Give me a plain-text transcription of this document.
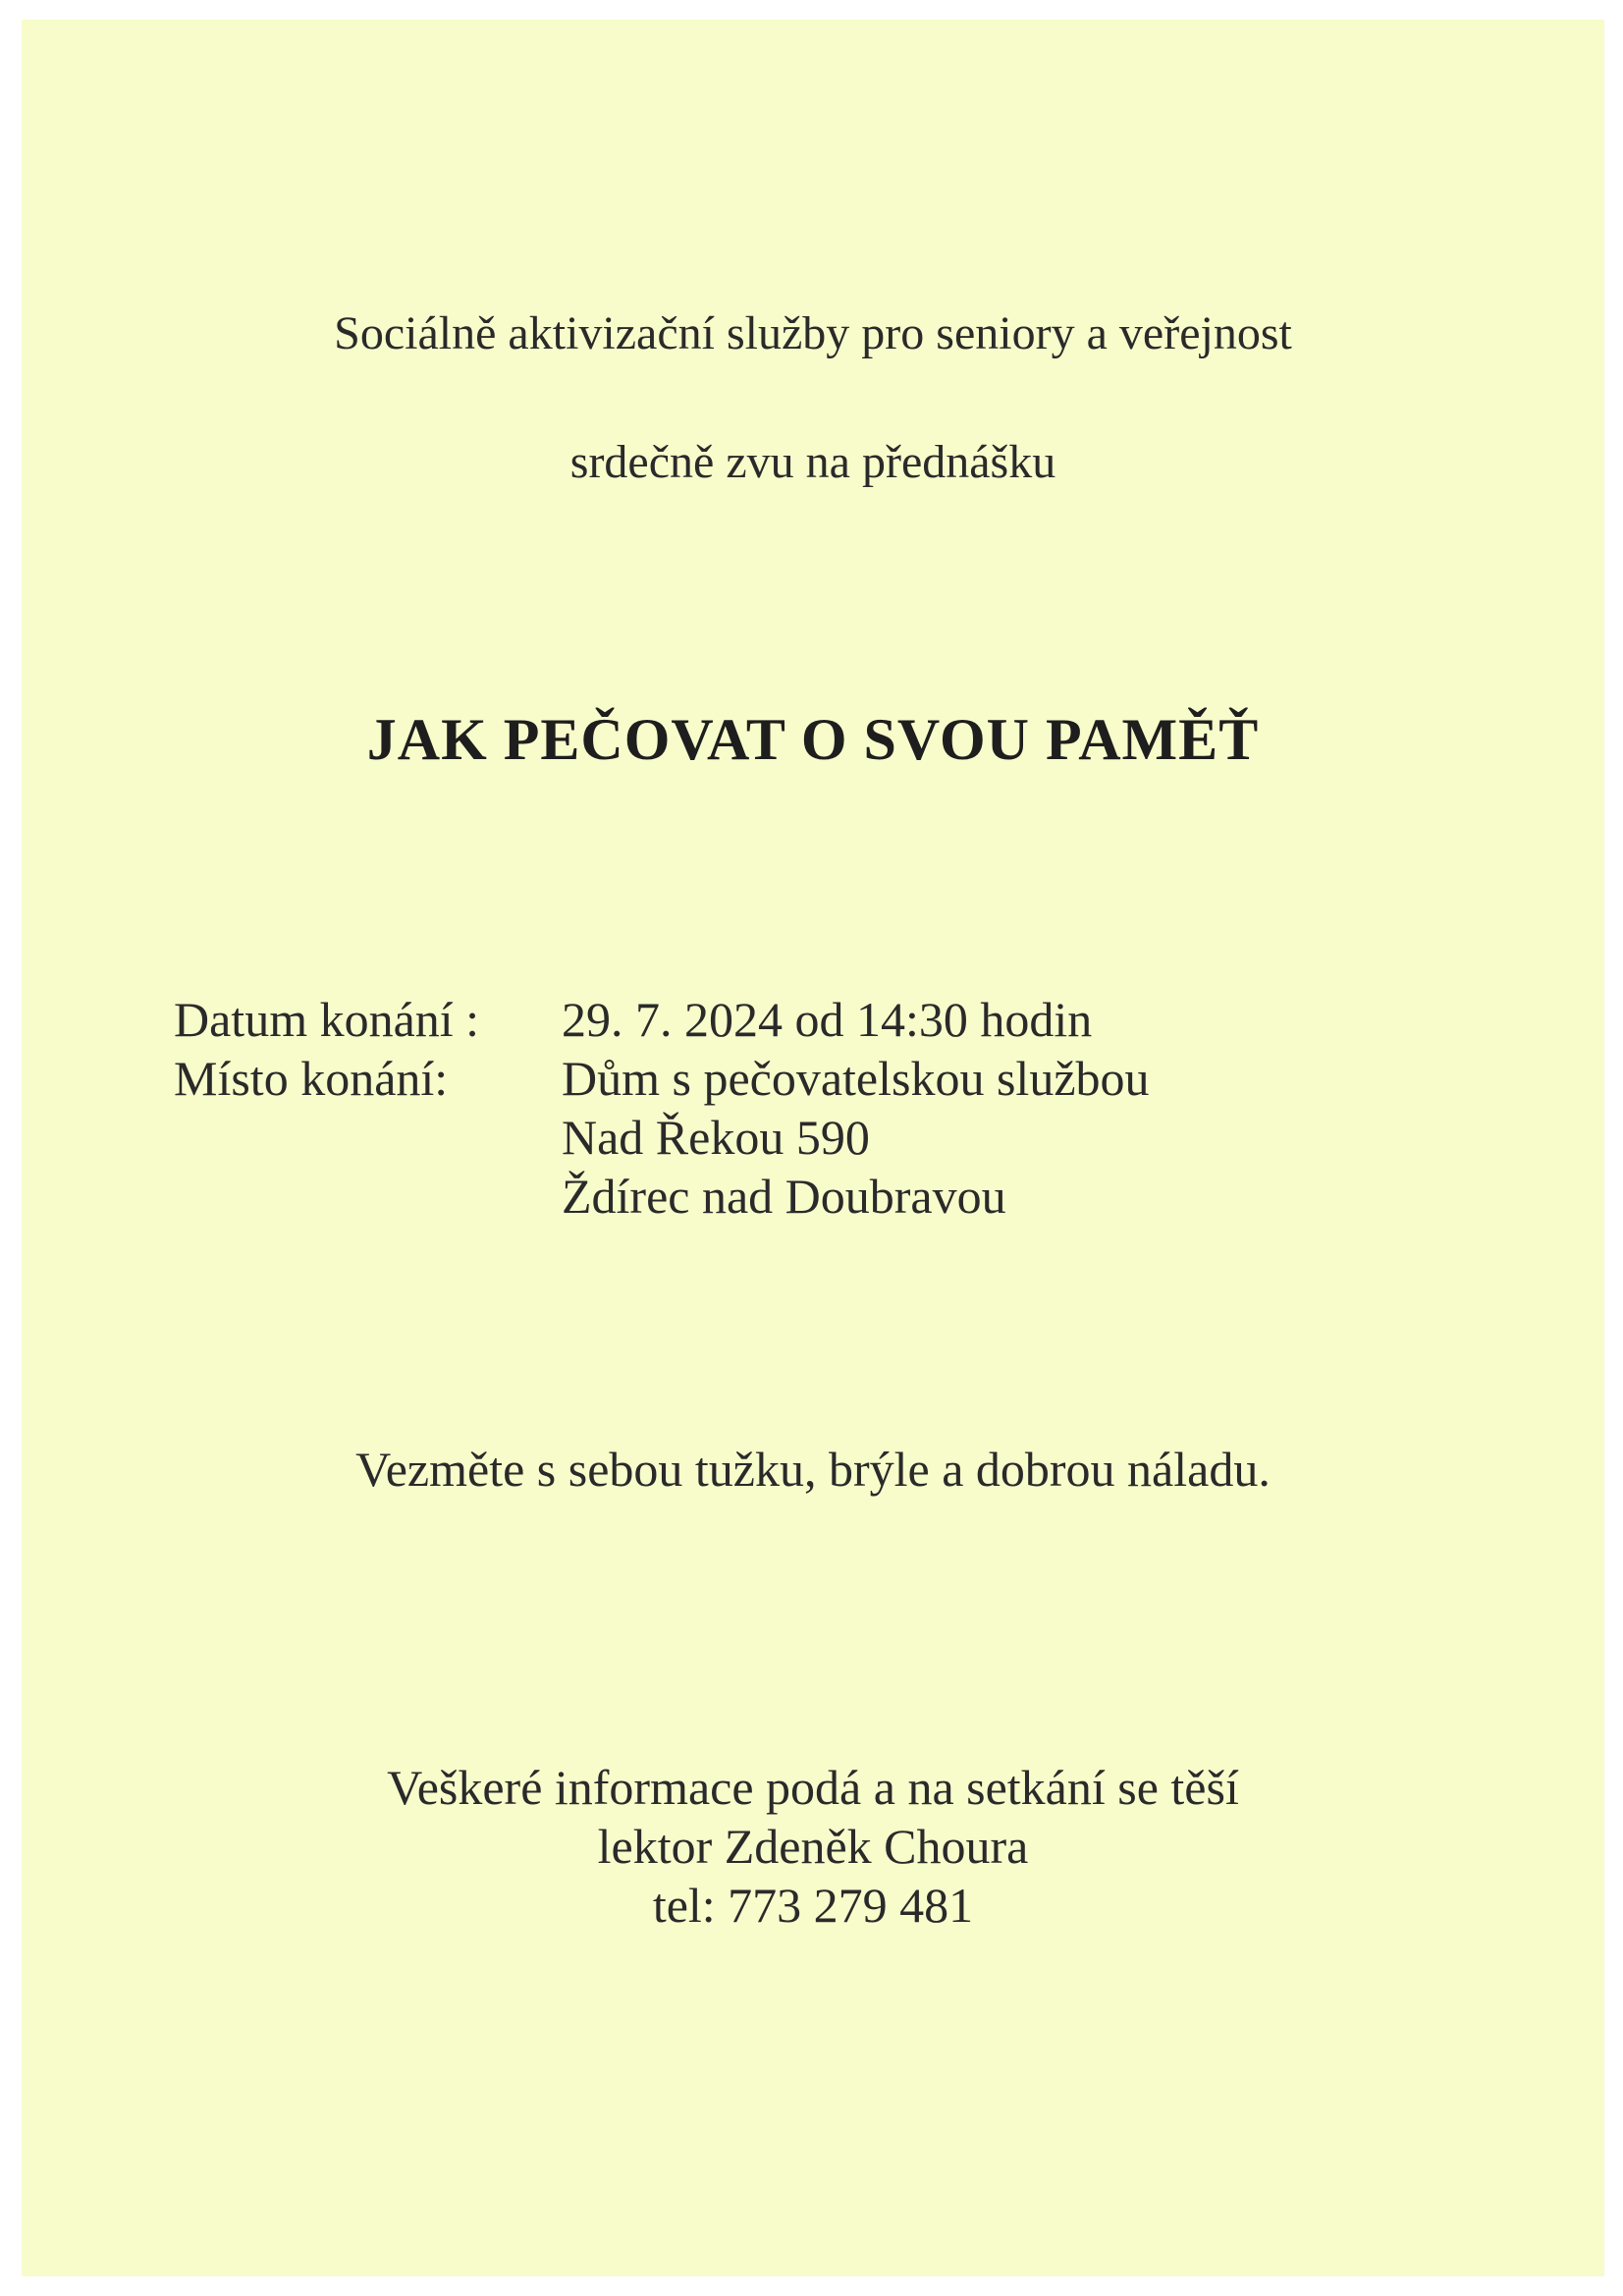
Sociálně aktivizační služby pro seniory a veřejnost
srdečně zvu na přednášku
JAK PEČOVAT O SVOU PAMĚŤ
Datum konání :	29. 7. 2024 od 14:30 hodin
Místo konání:	Dům s pečovatelskou službou
Nad Řekou 590
Ždírec nad Doubravou
Vezměte s sebou tužku, brýle a dobrou náladu.
Veškeré informace podá a na setkání se těší
lektor Zdeněk Choura
tel: 773 279 481
